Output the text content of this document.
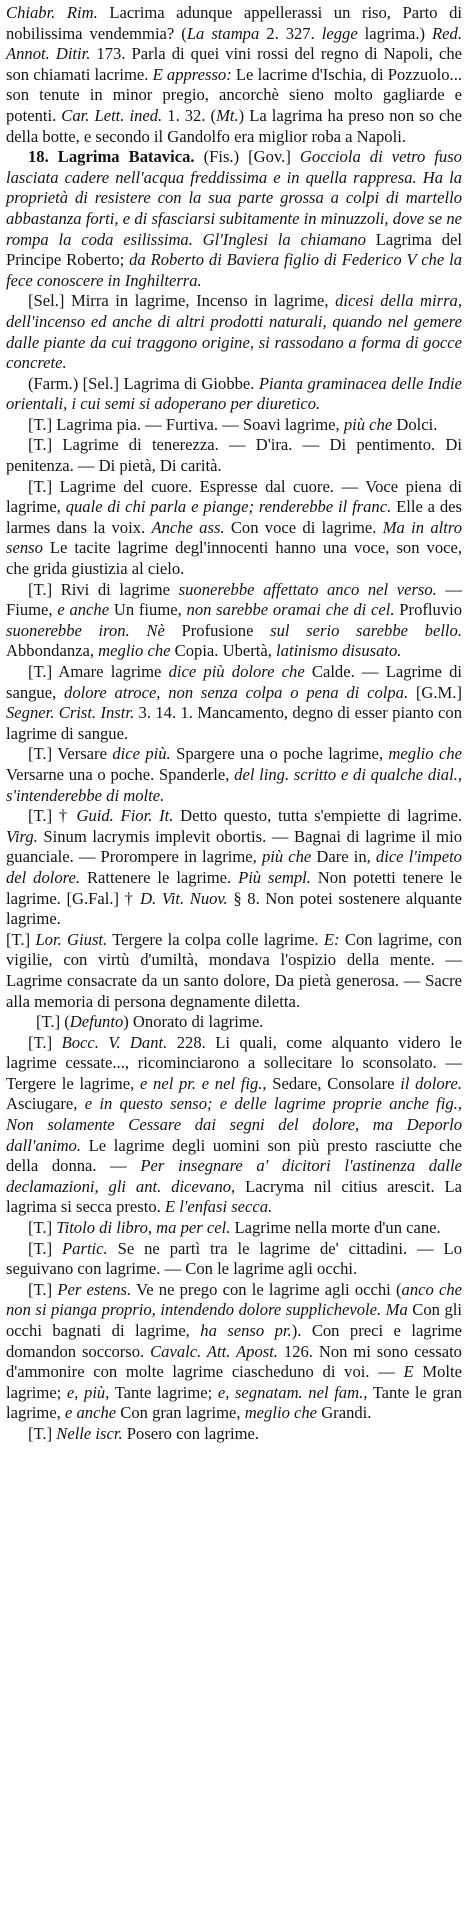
Chiabr. Rim. Lacrima adunque appellerassi un riso, Parto di nobilissima vendemmia? (La stampa 2. 327. legge lagrima.) Red. Annot. Ditir. 173. Parla di quei vini rossi del regno di Napoli, che son chiamati lacrime. E appresso: Le lacrime d'Ischia, di Pozzuolo... son tenute in minor pregio, ancorchè sieno molto gagliarde e potenti. Car. Lett. ined. 1. 32. (Mt.) La lagrima ha preso non so che della botte, e secondo il Gandolfo era miglior roba a Napoli.

18. Lagrima Batavica. (Fis.) [Gov.] Gocciola di vetro fuso lasciata cadere nell'acqua freddissima e in quella rappresa. Ha la proprietà di resistere con la sua parte grossa a colpi di martello abbastanza forti, e di sfasciarsi subitamente in minuzzoli, dove se ne rompa la coda esilissima. Gl'Inglesi la chiamano Lagrima del Principe Roberto; da Roberto di Baviera figlio di Federico V che la fece conoscere in Inghilterra.

[Sel.] Mirra in lagrime, Incenso in lagrime, dicesi della mirra, dell'incenso ed anche di altri prodotti naturali, quando nel gemere dalle piante da cui traggono origine, si rassodano a forma di gocce concrete.

(Farm.) [Sel.] Lagrima di Giobbe. Pianta graminacea delle Indie orientali, i cui semi si adoperano per diuretico.

[T.] Lagrima pia. — Furtiva. — Soavi lagrime, più che Dolci.

[T.] Lagrime di tenerezza. — D'ira. — Di pentimento. Di penitenza. — Di pietà, Di carità.

[T.] Lagrime del cuore. Espresse dal cuore. — Voce piena di lagrime, quale di chi parla e piange; renderebbe il franc. Elle a des larmes dans la voix. Anche ass. Con voce di lagrime. Ma in altro senso Le tacite lagrime degl'innocenti hanno una voce, son voce, che grida giustizia al cielo.

[T.] Rivi di lagrime suonerebbe affettato anco nel verso. — Fiume, e anche Un fiume, non sarebbe oramai che di cel. Profluvio suonerebbe iron. Nè Profusione sul serio sarebbe bello. Abbondanza, meglio che Copia. Ubertà, latinismo disusato.

[T.] Amare lagrime dice più dolore che Calde. — Lagrime di sangue, dolore atroce, non senza colpa o pena di colpa. [G.M.] Segner. Crist. Instr. 3. 14. 1. Mancamento, degno di esser pianto con lagrime di sangue.

[T.] Versare dice più. Spargere una o poche lagrime, meglio che Versarne una o poche. Spanderle, del ling. scritto e di qualche dial., s'intenderebbe di molte.

[T.] † Guid. Fior. It. Detto questo, tutta s'empiette di lagrime. Virg. Sinum lacrymis implevit obortis. — Bagnai di lagrime il mio guanciale. — Prorompere in lagrime, più che Dare in, dice l'impeto del dolore. Rattenere le lagrime. Più sempl. Non potetti tenere le lagrime. [G.Fal.] † D. Vit. Nuov. § 8. Non potei sostenere alquante lagrime.

[T.] Lor. Giust. Tergere la colpa colle lagrime. E: Con lagrime, con vigilie, con virtù d'umiltà, mondava l'ospizio della mente. — Lagrime consacrate da un santo dolore, Da pietà generosa. — Sacre alla memoria di persona degnamente diletta.

[T.] (Defunto) Onorato di lagrime.

[T.] Bocc. V. Dant. 228. Li quali, come alquanto videro le lagrime cessate..., ricominciarono a sollecitare lo sconsolato. — Tergere le lagrime, e nel pr. e nel fig., Sedare, Consolare il dolore. Asciugare, e in questo senso; e delle lagrime proprie anche fig., Non solamente Cessare dai segni del dolore, ma Deporlo dall'animo. Le lagrime degli uomini son più presto rasciutte che della donna. — Per insegnare a' dicitori l'astinenza dalle declamazioni, gli ant. dicevano, Lacryma nil citius arescit. La lagrima si secca presto. E l'enfasi secca.

[T.] Titolo di libro, ma per cel. Lagrime nella morte d'un cane.

[T.] Partic. Se ne partì tra le lagrime de' cittadini. — Lo seguivano con lagrime. — Con le lagrime agli occhi.

[T.] Per estens. Ve ne prego con le lagrime agli occhi (anco che non si pianga proprio, intendendo dolore supplichevole. Ma Con gli occhi bagnati di lagrime, ha senso pr.). Con preci e lagrime domandon soccorso. Cavalc. Att. Apost. 126. Non mi sono cessato d'ammonire con molte lagrime ciascheduno di voi. — E Molte lagrime; e, più, Tante lagrime; e, segnatam. nel fam., Tante le gran lagrime, e anche Con gran lagrime, meglio che Grandi.

[T.] Nelle iscr. Posero con lagrime.
